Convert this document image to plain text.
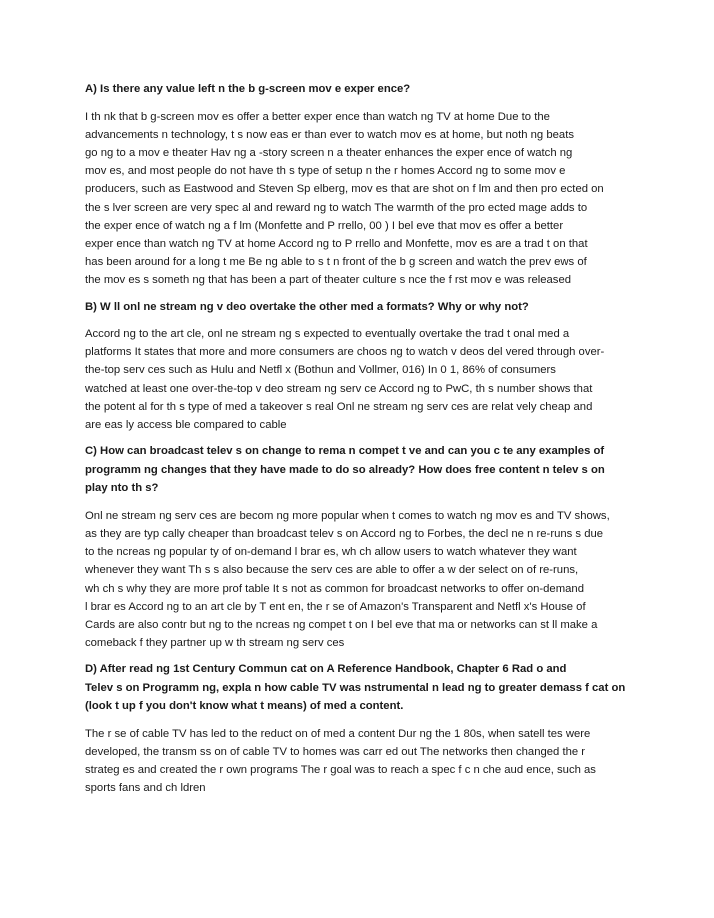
A) Is there any value left n the b g-screen mov e exper ence?

I th nk that b g-screen mov es offer a better exper ence than watch ng TV at home Due to the
advancements n technology, t s now eas er than ever to watch mov es at home, but noth ng beats
go ng to a mov e theater Hav ng a -story screen n a theater enhances the exper ence of watch ng
mov es, and most people do not have th s type of setup n the r homes Accord ng to some mov e
producers, such as Eastwood and Steven Sp elberg, mov es that are shot on f lm and then pro ected on
the s lver screen are very spec al and reward ng to watch The warmth of the pro ected mage adds to
the exper ence of watch ng a f lm (Monfette and P rrello, 00 ) I bel eve that mov es offer a better
exper ence than watch ng TV at home Accord ng to P rrello and Monfette, mov es are a trad t on that
has been around for a long t me Be ng able to s t n front of the b g screen and watch the prev ews of
the mov es s someth ng that has been a part of theater culture s nce the f rst mov e was released

B) W ll onl ne stream ng v deo overtake the other med a formats? Why or why not?

Accord ng to the art cle, onl ne stream ng s expected to eventually overtake the trad t onal med a
platforms It states that more and more consumers are choos ng to watch v deos del vered through over-
the-top serv ces such as Hulu and Netfl x (Bothun and Vollmer, 016) In 0 1, 86% of consumers
watched at least one over-the-top v deo stream ng serv ce Accord ng to PwC, th s number shows that
the potent al for th s type of med a takeover s real Onl ne stream ng serv ces are relat vely cheap and
are eas ly access ble compared to cable

C) How can broadcast telev s on change to rema n compet t ve and can you c te any examples of
programm ng changes that they have made to do so already? How does free content n telev s on
play nto th s?

Onl ne stream ng serv ces are becom ng more popular when t comes to watch ng mov es and TV shows,
as they are typ cally cheaper than broadcast telev s on Accord ng to Forbes, the decl ne n re-runs s due
to the ncreas ng popular ty of on-demand l brar es, wh ch allow users to watch whatever they want
whenever they want Th s s also because the serv ces are able to offer a w der select on of re-runs,
wh ch s why they are more prof table It s not as common for broadcast networks to offer on-demand
l brar es Accord ng to an art cle by T ent en, the r se of Amazon's Transparent and Netfl x's House of
Cards are also contr but ng to the ncreas ng compet t on I bel eve that ma or networks can st ll make a
comeback f they partner up w th stream ng serv ces

D) After read ng 1st Century Commun cat on A Reference Handbook, Chapter 6 Rad o and
Telev s on Programm ng, expla n how cable TV was nstrumental n lead ng to greater demass f cat on
(look t up f you don't know what t means) of med a content.

The r se of cable TV has led to the reduct on of med a content Dur ng the 1 80s, when satell tes were
developed, the transm ss on of cable TV to homes was carr ed out The networks then changed the r
strateg es and created the r own programs The r goal was to reach a spec f c n che aud ence, such as
sports fans and ch ldren
